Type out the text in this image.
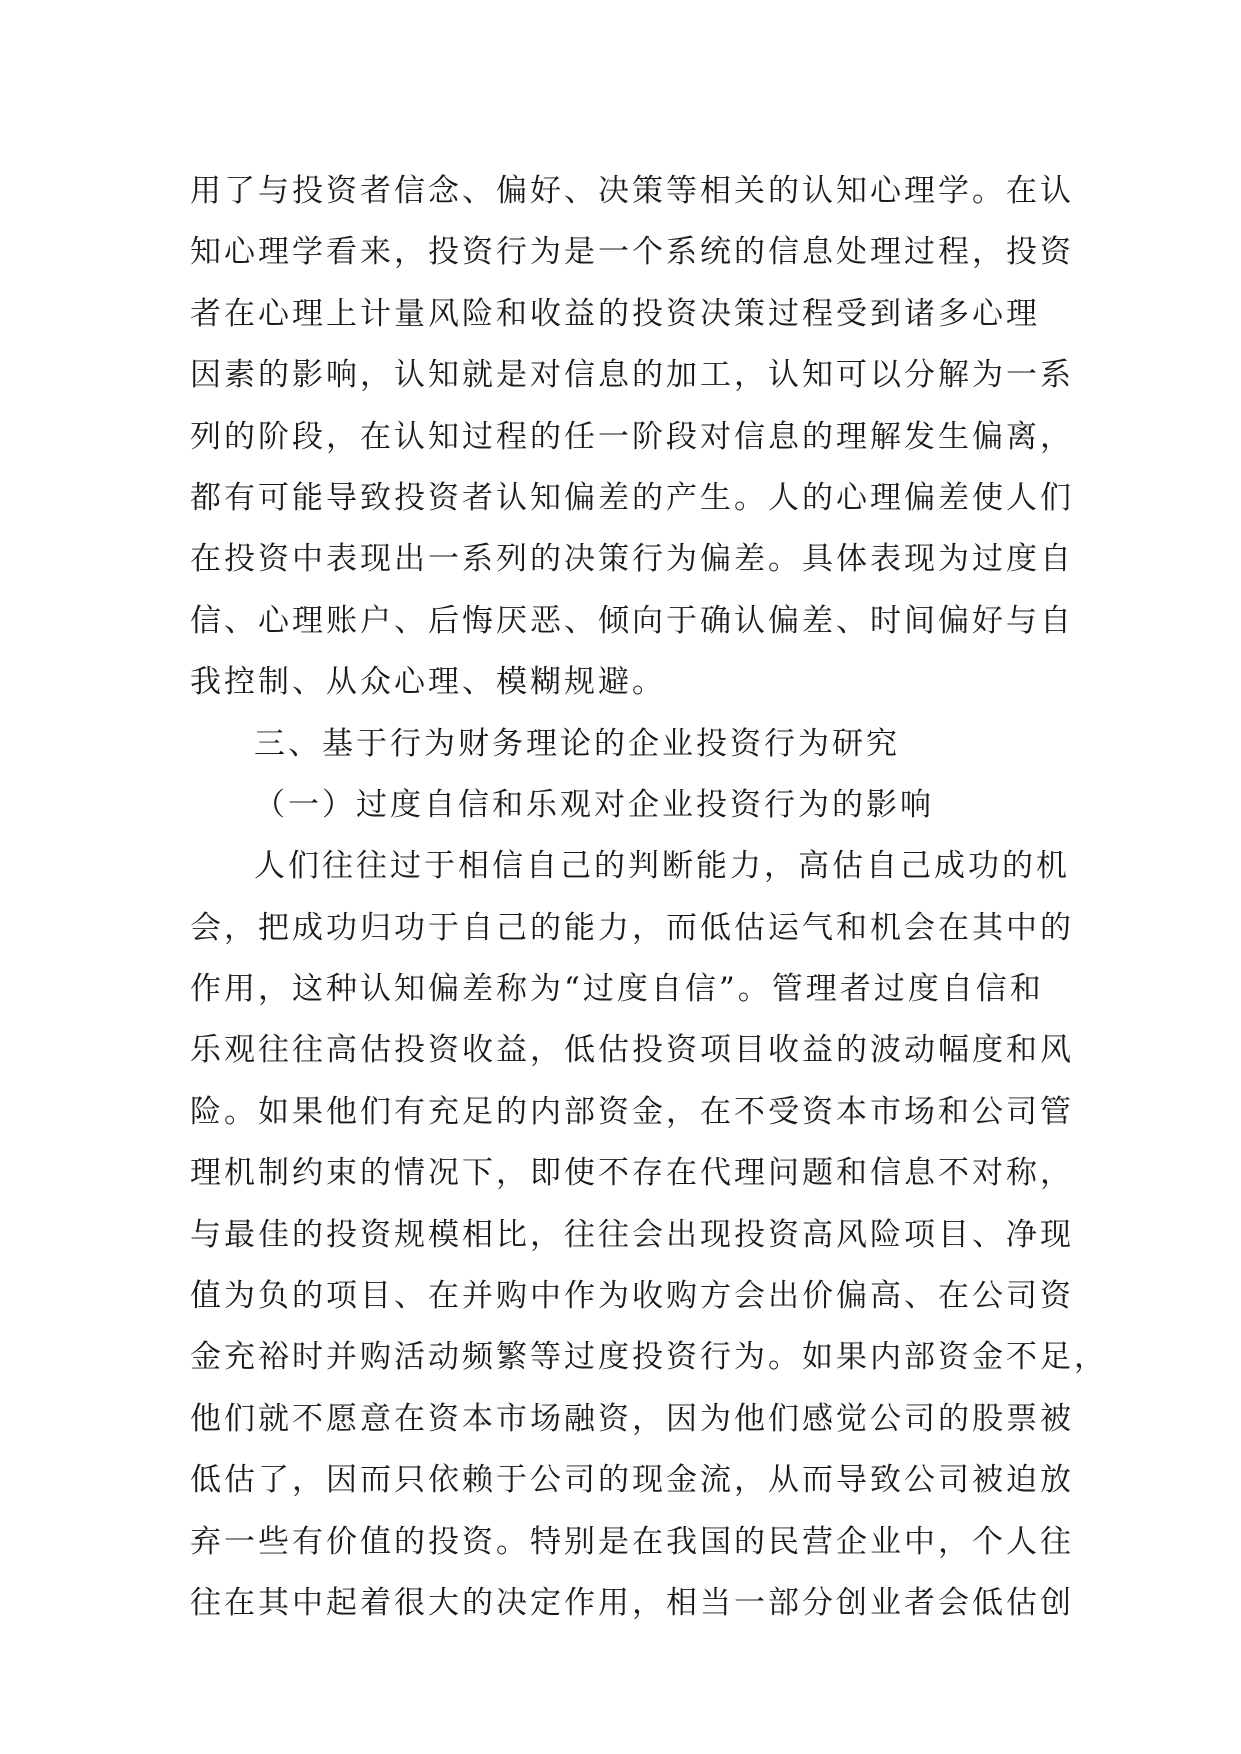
用了与投资者信念、偏好、决策等相关的认知心理学。在认
知心理学看来，投资行为是一个系统的信息处理过程，投资
者在心理上计量风险和收益的投资决策过程受到诸多心理
因素的影响，认知就是对信息的加工，认知可以分解为一系
列的阶段，在认知过程的任一阶段对信息的理解发生偏离，
都有可能导致投资者认知偏差的产生。人的心理偏差使人们
在投资中表现出一系列的决策行为偏差。具体表现为过度自
信、心理账户、后悔厌恶、倾向于确认偏差、时间偏好与自
我控制、从众心理、模糊规避。
三、基于行为财务理论的企业投资行为研究
（一）过度自信和乐观对企业投资行为的影响
人们往往过于相信自己的判断能力，高估自己成功的机
会，把成功归功于自己的能力，而低估运气和机会在其中的
作用，这种认知偏差称为“过度自信”。管理者过度自信和
乐观往往高估投资收益，低估投资项目收益的波动幅度和风
险。如果他们有充足的内部资金，在不受资本市场和公司管
理机制约束的情况下，即使不存在代理问题和信息不对称，
与最佳的投资规模相比，往往会出现投资高风险项目、净现
值为负的项目、在并购中作为收购方会出价偏高、在公司资
金充裕时并购活动频繁等过度投资行为。如果内部资金不足，
他们就不愿意在资本市场融资，因为他们感觉公司的股票被
低估了，因而只依赖于公司的现金流，从而导致公司被迫放
弃一些有价值的投资。特别是在我国的民营企业中，个人往
往在其中起着很大的决定作用，相当一部分创业者会低估创
